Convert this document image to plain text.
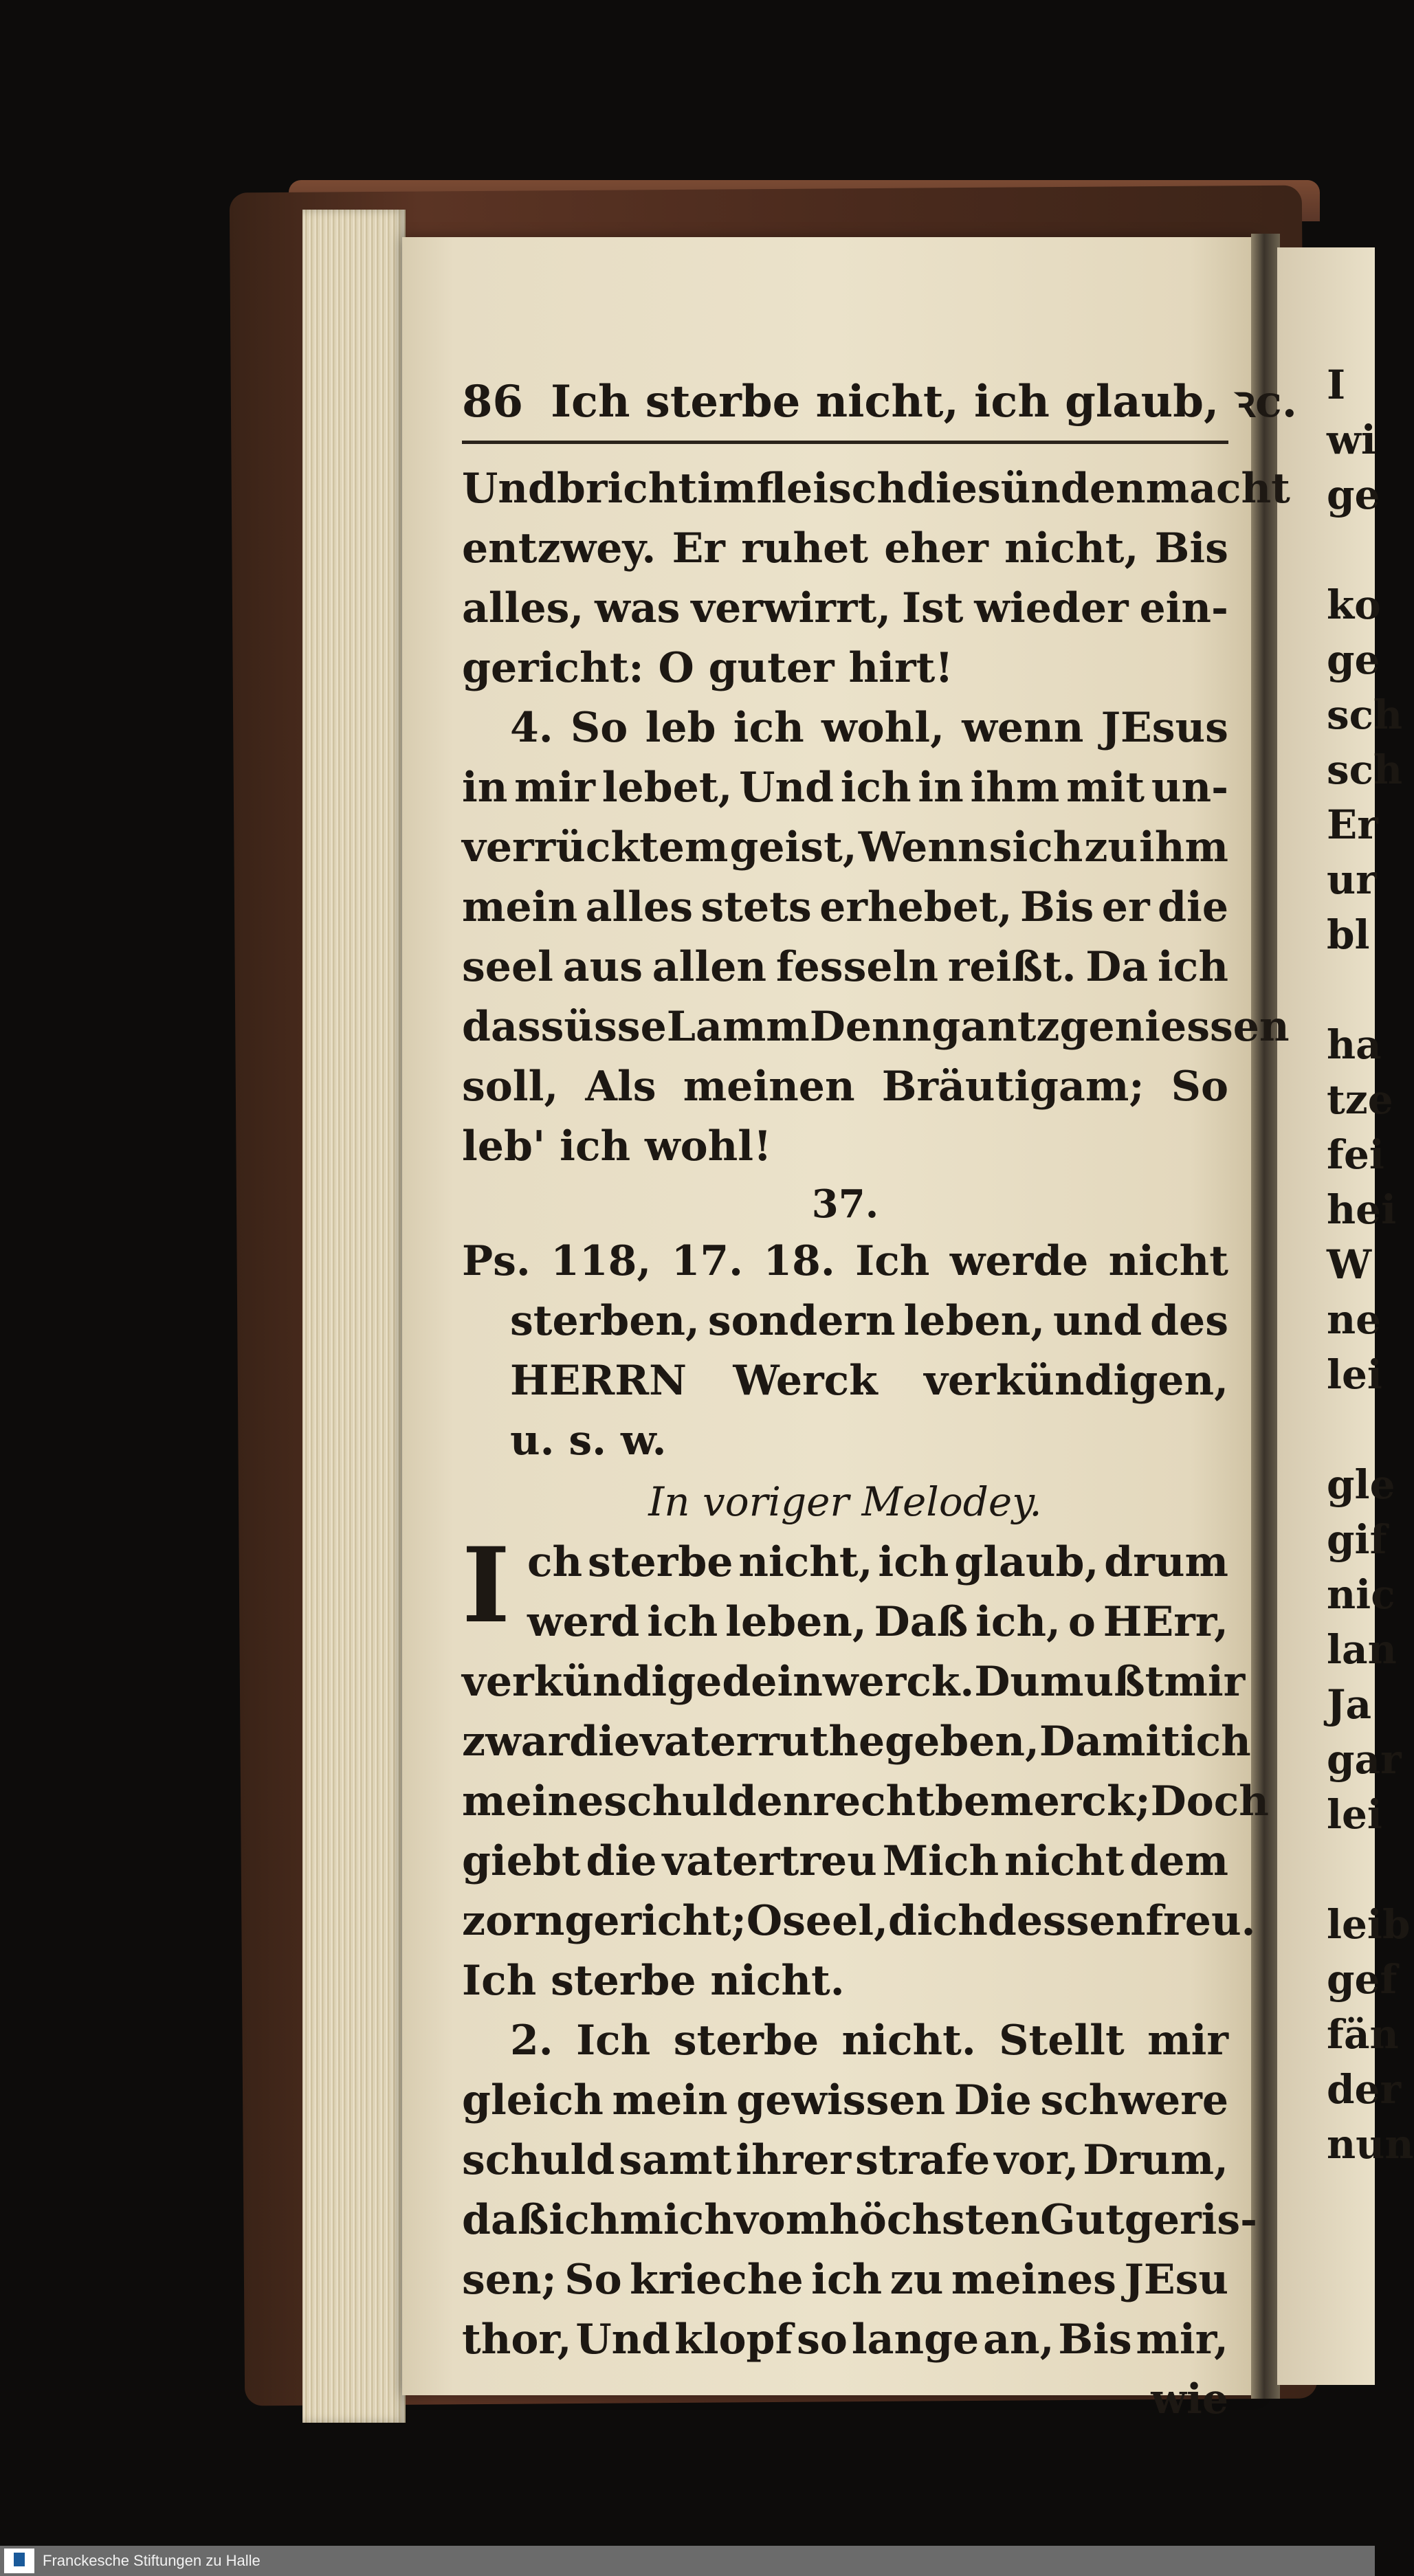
I
wi
ge
ko
ge
sch
sch
Er
ur
bl
ha
tze
fei
hei
W
ne
lei
gle
gif
nic
lan
Ja
gar
lei
leib
gef
fän
der
nun
86 Ich sterbe nicht, ich glaub, ꝛc.
Und bricht im fleisch die sündenmacht
entzwey. Er ruhet eher nicht, Bis
alles, was verwirrt, Ist wieder ein-
gericht: O guter hirt!
4. So leb ich wohl, wenn JEsus
in mir lebet, Und ich in ihm mit un-
verrücktem geist, Wenn sich zu ihm
mein alles stets erhebet, Bis er die
seel aus allen fesseln reißt. Da ich
das süsse Lamm Denn gantz geniessen
soll, Als meinen Bräutigam; So
leb' ich wohl!
37.
Ps. 118, 17. 18. Ich werde nicht
sterben, sondern leben, und des
HERRN Werck verkündigen,
u. s. w.
In voriger Melodey.
I ch sterbe nicht, ich glaub, drum
werd ich leben, Daß ich, o HErr,
verkündige dein werck. Du mußt mir
zwar die vaterruthe geben, Damit ich
meine schulden recht bemerck; Doch
giebt die vatertreu Mich nicht dem
zorngericht; O seel, dich dessen freu.
Ich sterbe nicht.
2. Ich sterbe nicht. Stellt mir
gleich mein gewissen Die schwere
schuld samt ihrer strafe vor, Drum,
daß ich mich vom höchsten Gut geris-
sen; So krieche ich zu meines JEsu
thor, Und klopf so lange an, Bis mir,
wie
Franckesche Stiftungen zu Halle
